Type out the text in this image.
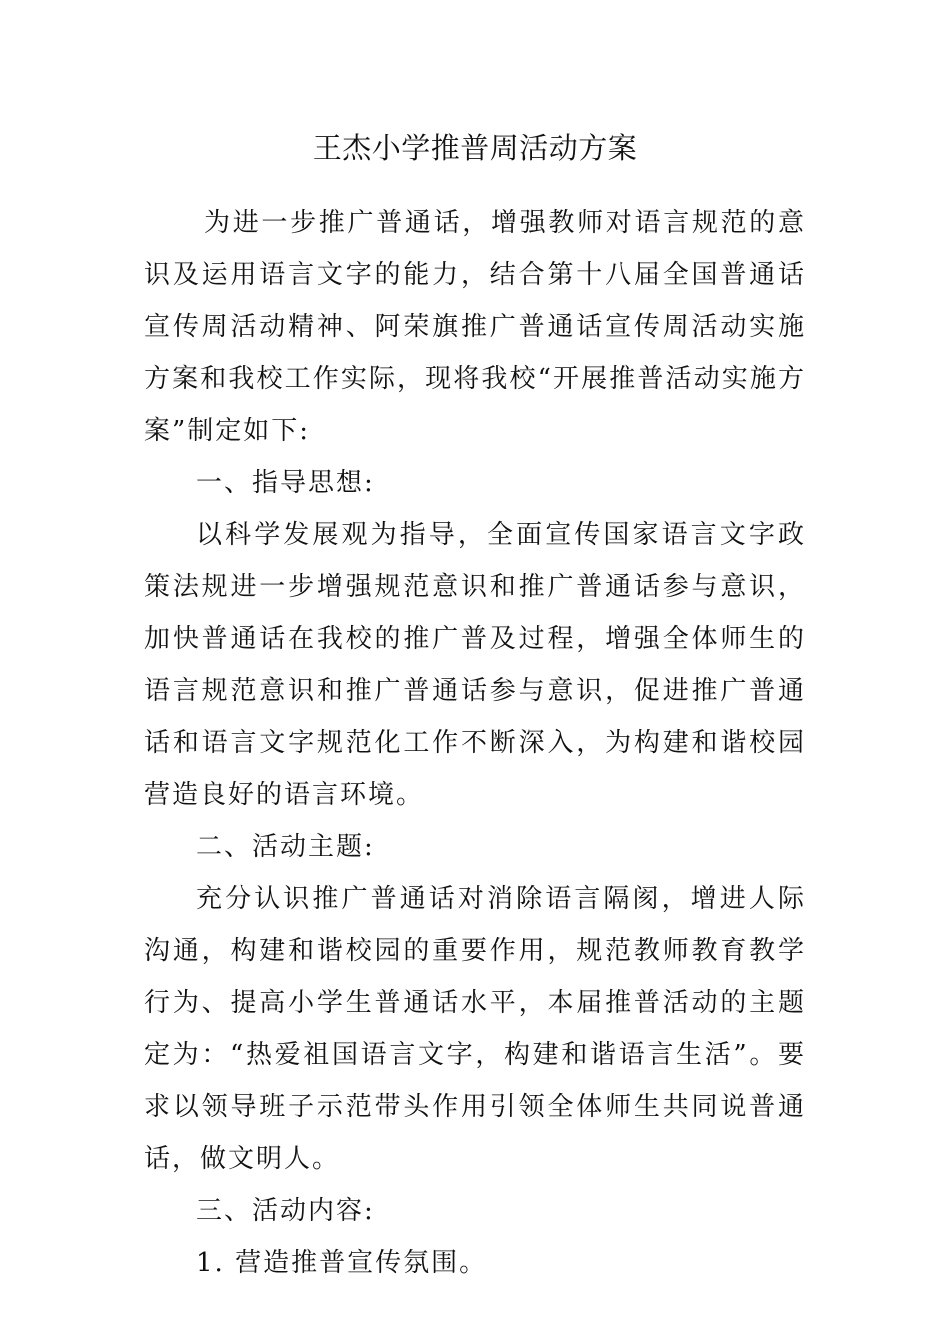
王杰小学推普周活动方案

为进一步推广普通话，增强教师对语言规范的意识及运用语言文字的能力，结合第十八届全国普通话宣传周活动精神、阿荣旗推广普通话宣传周活动实施方案和我校工作实际，现将我校“开展推普活动实施方案”制定如下:

一、指导思想:

以科学发展观为指导，全面宣传国家语言文字政策法规进一步增强规范意识和推广普通话参与意识，加快普通话在我校的推广普及过程，增强全体师生的语言规范意识和推广普通话参与意识，促进推广普通话和语言文字规范化工作不断深入，为构建和谐校园营造良好的语言环境。

二、活动主题:

充分认识推广普通话对消除语言隔阂，增进人际沟通，构建和谐校园的重要作用，规范教师教育教学行为、提高小学生普通话水平，本届推普活动的主题定为：“热爱祖国语言文字，构建和谐语言生活”。要求以领导班子示范带头作用引领全体师生共同说普通话，做文明人。

三、活动内容:

1. 营造推普宣传氛围。
